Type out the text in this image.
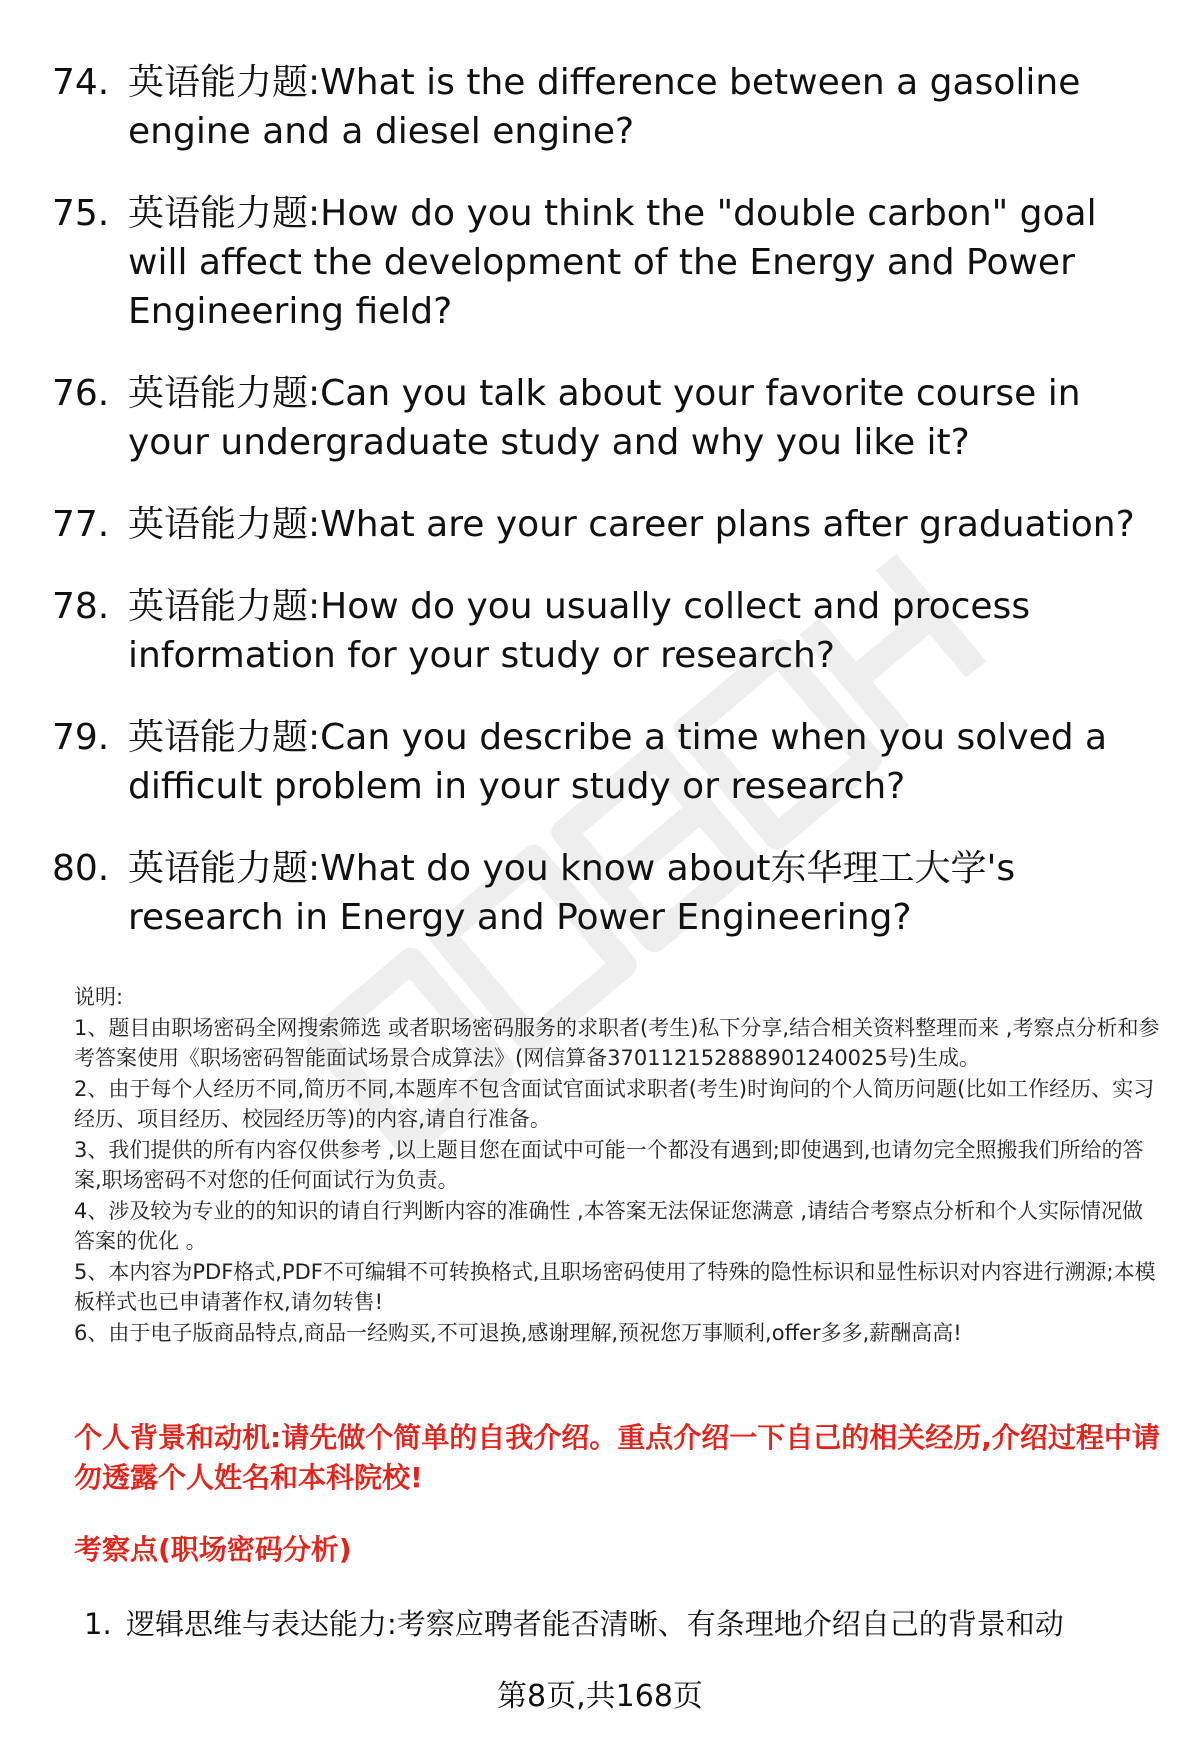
74. 英语能力题:What is the difference between a gasoline engine and a diesel engine?
75. 英语能力题:How do you think the "double carbon" goal will affect the development of the Energy and Power Engineering field?
76. 英语能力题:Can you talk about your favorite course in your undergraduate study and why you like it?
77. 英语能力题:What are your career plans after graduation?
78. 英语能力题:How do you usually collect and process information for your study or research?
79. 英语能力题:Can you describe a time when you solved a difficult problem in your study or research?
80. 英语能力题:What do you know about东华理工大学's research in Energy and Power Engineering?

说明:

1、题目由职场密码全网搜索筛选 或者职场密码服务的求职者(考生)私下分享,结合相关资料整理而来 ,考察点分析和参考答案使用《职场密码智能面试场景合成算法》(网信算备370112152888901240025号)生成。

2、由于每个人经历不同,简历不同,本题库不包含面试官面试求职者(考生)时询问的个人简历问题(比如工作经历、实习经历、项目经历、校园经历等)的内容,请自行准备。

3、我们提供的所有内容仅供参考 ,以上题目您在面试中可能一个都没有遇到;即使遇到,也请勿完全照搬我们所给的答案,职场密码不对您的任何面试行为负责。

4、涉及较为专业的的知识的请自行判断内容的准确性 ,本答案无法保证您满意 ,请结合考察点分析和个人实际情况做答案的优化 。

5、本内容为PDF格式,PDF不可编辑不可转换格式,且职场密码使用了特殊的隐性标识和显性标识对内容进行溯源;本模板样式也已申请著作权,请勿转售!

6、由于电子版商品特点,商品一经购买,不可退换,感谢理解,预祝您万事顺利,offer多多,薪酬高高!

个人背景和动机:请先做个简单的自我介绍。重点介绍一下自己的相关经历,介绍过程中请勿透露个人姓名和本科院校!
考察点(职场密码分析)
1. 逻辑思维与表达能力:考察应聘者能否清晰、有条理地介绍自己的背景和动
第8页,共168页
